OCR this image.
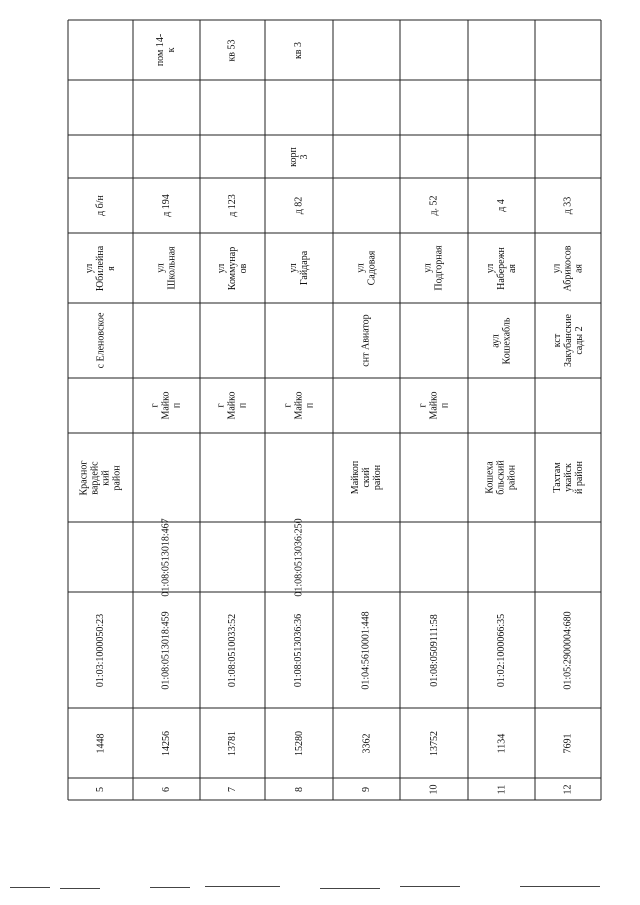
5
1448
01:03:1000050:23
Красног
вардейс
кий
район
с Еленовское
ул
Юбилейна
я
д б/н
6
14256
01:08:0513018:459
01:08:0513018:467
г
Майко
п
ул
Школьная
д 194
пом 14-
к
7
13781
01:08:0510033:52
г
Майко
п
ул
Коммунар
ов
д 123
кв 53
8
15280
01:08:0513036:36
01:08:0513036:250
г
Майко
п
ул
Гайдара
д 82
корп
3
кв 3
9
3362
01:04:5610001:448
Майкоп
ский
район
снт Авиатор
ул
Садовая
10
13752
01:08:0509111:58
г
Майко
п
ул
Подгорная
д. 52
11
1134
01:02:1000066:35
Кошеха
бльский
район
аул
Кошехабль
ул
Набережн
ая
д 4
12
7691
01:05:2900004:680
Тахтам
укайск
й район
кст
Закубанские
сады 2
ул
Абрикосов
ая
д 33
